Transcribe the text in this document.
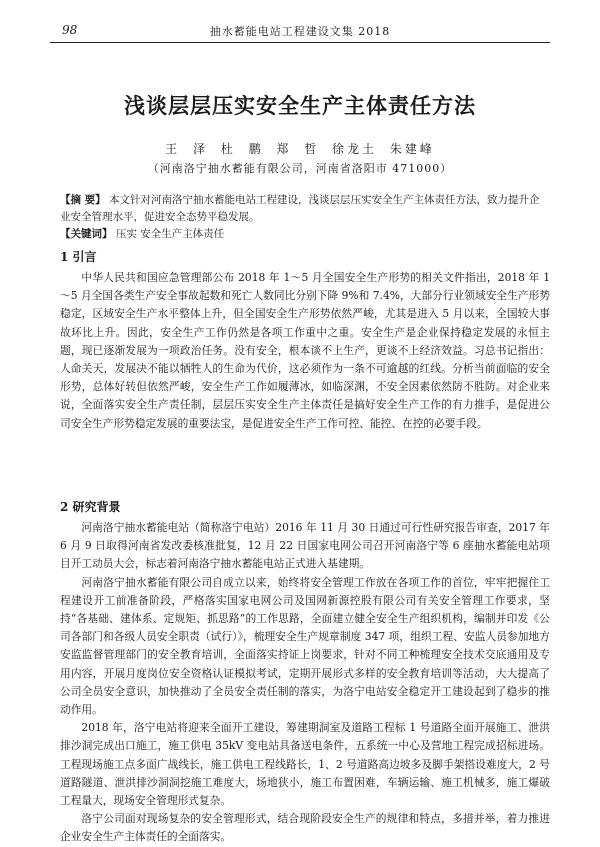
98	抽水蓄能电站工程建设文集 2018
浅谈层层压实安全生产主体责任方法
王 泽 杜 鹏 郑 哲 徐龙土 朱建峰
（河南洛宁抽水蓄能有限公司，河南省洛阳市 471000）
【摘 要】 本文针对河南洛宁抽水蓄能电站工程建设，浅谈层层压实安全生产主体责任方法，致力提升企业安全管理水平，促进安全态势平稳发展。
【关键词】 压实 安全生产主体责任
1 引言

中华人民共和国应急管理部公布 2018 年 1～5 月全国安全生产形势的相关文件指出，2018 年 1～5 月全国各类生产安全事故起数和死亡人数同比分别下降 9%和 7.4%，大部分行业领域安全生产形势稳定，区域安全生产水平整体上升，但全国安全生产形势依然严峻，尤其是进入 5 月以来，全国较大事故环比上升。因此，安全生产工作仍然是各项工作重中之重。安全生产是企业保持稳定发展的永恒主题，现已逐渐发展为一项政治任务。没有安全，根本谈不上生产，更谈不上经济效益。习总书记指出：人命关天，发展决不能以牺牲人的生命为代价，这必须作为一条不可逾越的红线。分析当前面临的安全形势，总体好转但依然严峻，安全生产工作如履薄冰，如临深渊，不安全因素依然防不胜防。对企业来说，全面落实安全生产责任制，层层压实安全生产主体责任是搞好安全生产工作的有力推手，是促进公司安全生产形势稳定发展的重要法宝，是促进安全生产工作可控、能控、在控的必要手段。

2 研究背景

河南洛宁抽水蓄能电站（简称洛宁电站）2016 年 11 月 30 日通过可行性研究报告审查，2017 年 6 月 9 日取得河南省发改委核准批复，12 月 22 日国家电网公司召开河南洛宁等 6 座抽水蓄能电站项目开工动员大会，标志着河南洛宁抽水蓄能电站正式进入基建期。

河南洛宁抽水蓄能有限公司自成立以来，始终将安全管理工作放在各项工作的首位，牢牢把握住工程建设开工前准备阶段，严格落实国家电网公司及国网新源控股有限公司有关安全管理工作要求，坚持“各基础、建体系、定规矩、抓思路”的工作思路，全面建立健全安全生产组织机构，编制并印发《公司各部门和各级人员安全职责（试行）》，梳理安全生产规章制度 347 项，组织工程、安监人员参加地方安监监督管理部门的安全教育培训，全面落实持证上岗要求，针对不同工种梳理安全技术交底通用及专用内容，开展月度岗位安全资格认证模拟考试，定期开展形式多样的安全教育培训等活动，大大提高了公司全员安全意识，加快推动了全员安全责任制的落实，为洛宁电站安全稳定开工建设起到了稳步的推动作用。

2018 年，洛宁电站将迎来全面开工建设，筹建期洞室及道路工程标 1 号道路全面开展施工、泄洪排沙洞完成出口施工，施工供电 35kV 变电站具备送电条件，五系统一中心及营地工程完成招标进场。工程现场施工点多面广战线长，施工供电工程线路长，1、2 号道路高边坡多及脚手架搭设难度大，2 号道路隧道、泄洪排沙洞洞挖施工难度大，场地狭小，施工布置困难，车辆运输、施工机械多，施工爆破工程量大，现场安全管理形式复杂。

洛宁公司面对现场复杂的安全管理形式，结合现阶段安全生产的规律和特点，多措并举，着力推进企业安全生产主体责任的全面落实。
